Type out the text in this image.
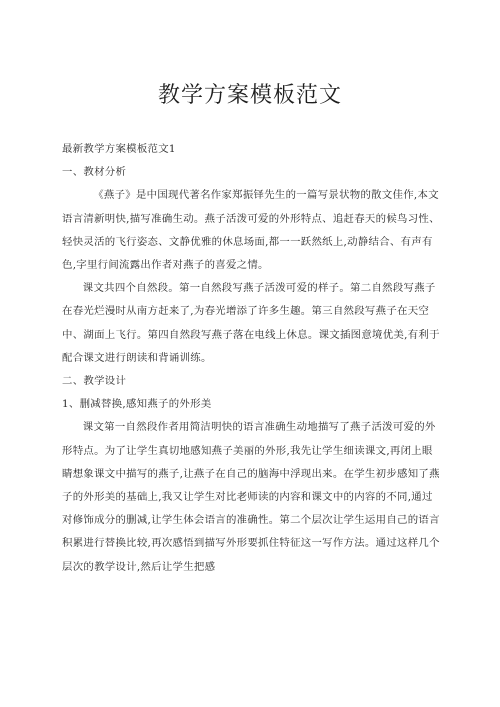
教学方案模板范文

最新教学方案模板范文1

一、教材分析

《燕子》是中国现代著名作家郑振铎先生的一篇写景状物的散文佳作,本文语言清新明快,描写准确生动。燕子活泼可爱的外形特点、追赶春天的候鸟习性、轻快灵活的飞行姿态、文静优雅的休息场面,都一一跃然纸上,动静结合、有声有色,字里行间流露出作者对燕子的喜爱之情。

课文共四个自然段。第一自然段写燕子活泼可爱的样子。第二自然段写燕子在春光烂漫时从南方赶来了,为春光增添了许多生趣。第三自然段写燕子在天空中、湖面上飞行。第四自然段写燕子落在电线上休息。课文插图意境优美,有利于配合课文进行朗读和背诵训练。

二、教学设计

1、删减替换,感知燕子的外形美

课文第一自然段作者用简洁明快的语言准确生动地描写了燕子活泼可爱的外形特点。为了让学生真切地感知燕子美丽的外形,我先让学生细读课文,再闭上眼睛想象课文中描写的燕子,让燕子在自己的脑海中浮现出来。在学生初步感知了燕子的外形美的基础上,我又让学生对比老师读的内容和课文中的内容的不同,通过对修饰成分的删减,让学生体会语言的准确性。第二个层次让学生运用自己的语言积累进行替换比较,再次感悟到描写外形要抓住特征这一写作方法。通过这样几个层次的教学设计,然后让学生把感
